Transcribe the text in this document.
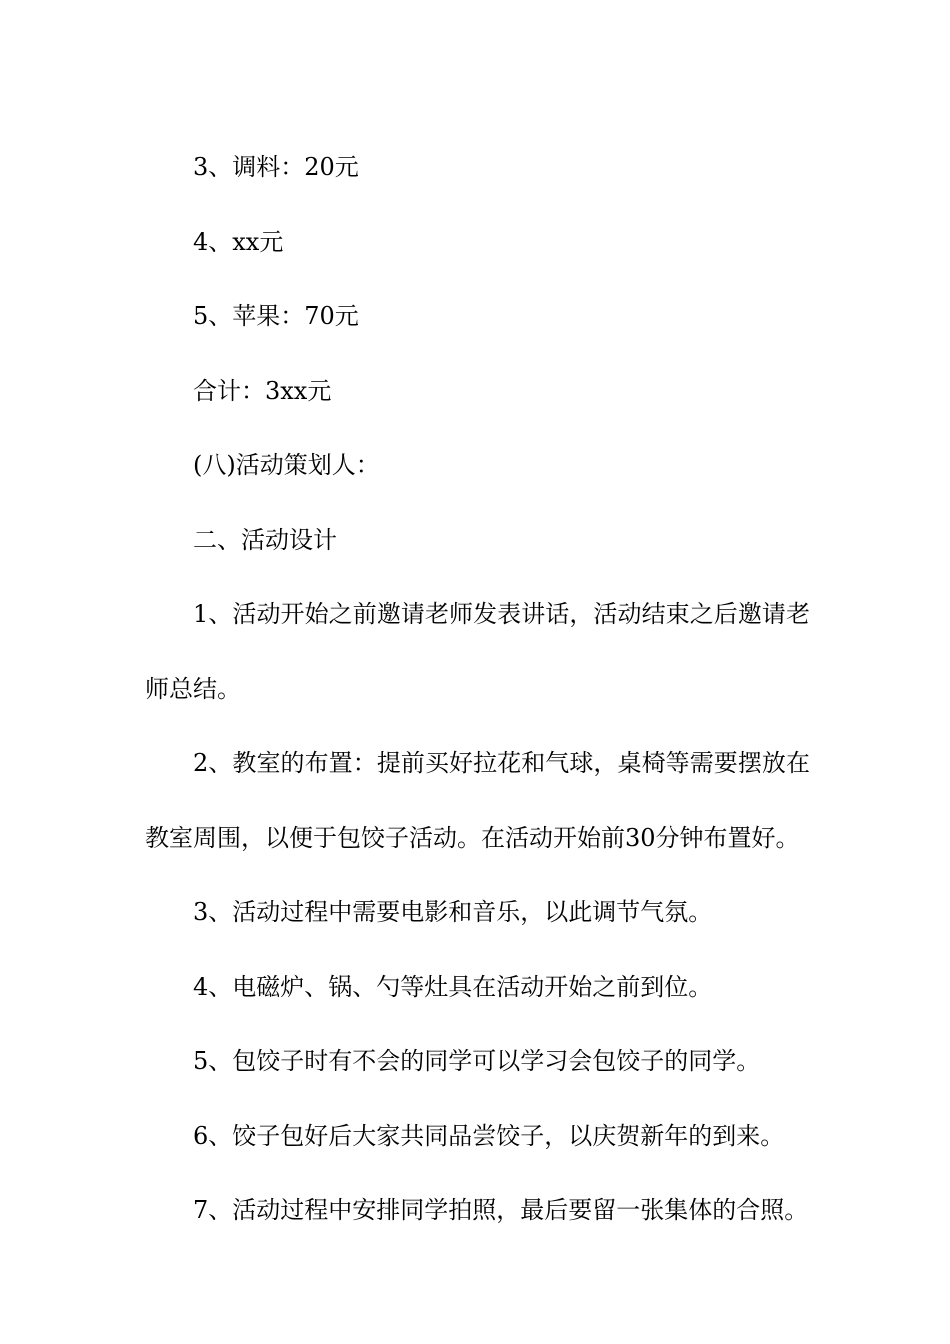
3、调料：20元

4、xx元

5、苹果：70元

合计：3xx元

(八)活动策划人：

二、活动设计

1、活动开始之前邀请老师发表讲话，活动结束之后邀请老师总结。

2、教室的布置：提前买好拉花和气球，桌椅等需要摆放在教室周围，以便于包饺子活动。在活动开始前30分钟布置好。

3、活动过程中需要电影和音乐，以此调节气氛。

4、电磁炉、锅、勺等灶具在活动开始之前到位。

5、包饺子时有不会的同学可以学习会包饺子的同学。

6、饺子包好后大家共同品尝饺子，以庆贺新年的到来。

7、活动过程中安排同学拍照，最后要留一张集体的合照。
